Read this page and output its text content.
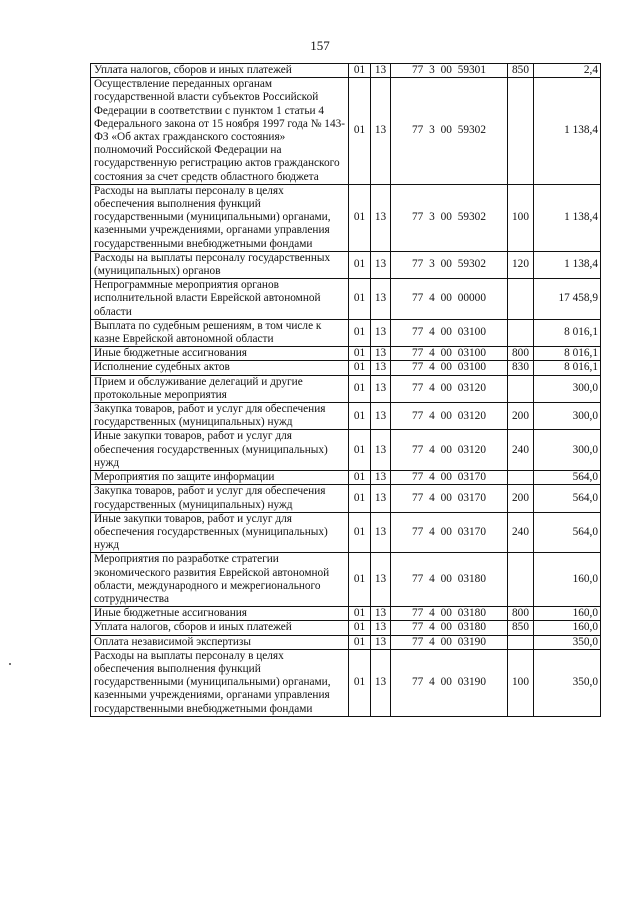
157
Уплата налогов, сборов и иных платежей	01	13	77 3 00 59301	850	2,4
Осуществление переданных органам государственной власти субъектов Российской Федерации в соответствии с пунктом 1 статьи 4 Федерального закона от 15 ноября 1997 года № 143-ФЗ «Об актах гражданского состояния» полномочий Российской Федерации на государственную регистрацию актов гражданского состояния за счет средств областного бюджета	01	13	77 3 00 59302		1 138,4
Расходы на выплаты персоналу в целях обеспечения выполнения функций государственными (муниципальными) органами, казенными учреждениями, органами управления государственными внебюджетными фондами	01	13	77 3 00 59302	100	1 138,4
Расходы на выплаты персоналу государственных (муниципальных) органов	01	13	77 3 00 59302	120	1 138,4
Непрограммные мероприятия органов исполнительной власти Еврейской автономной области	01	13	77 4 00 00000		17 458,9
Выплата по судебным решениям, в том числе к казне Еврейской автономной области	01	13	77 4 00 03100		8 016,1
Иные бюджетные ассигнования	01	13	77 4 00 03100	800	8 016,1
Исполнение судебных актов	01	13	77 4 00 03100	830	8 016,1
Прием и обслуживание делегаций и другие протокольные мероприятия	01	13	77 4 00 03120		300,0
Закупка товаров, работ и услуг для обеспечения государственных (муниципальных) нужд	01	13	77 4 00 03120	200	300,0
Иные закупки товаров, работ и услуг для обеспечения государственных (муниципальных) нужд	01	13	77 4 00 03120	240	300,0
Мероприятия по защите информации	01	13	77 4 00 03170		564,0
Закупка товаров, работ и услуг для обеспечения государственных (муниципальных) нужд	01	13	77 4 00 03170	200	564,0
Иные закупки товаров, работ и услуг для обеспечения государственных (муниципальных) нужд	01	13	77 4 00 03170	240	564,0
Мероприятия по разработке стратегии экономического развития Еврейской автономной области, международного и межрегионального сотрудничества	01	13	77 4 00 03180		160,0
Иные бюджетные ассигнования	01	13	77 4 00 03180	800	160,0
Уплата налогов, сборов и иных платежей	01	13	77 4 00 03180	850	160,0
Оплата независимой экспертизы	01	13	77 4 00 03190		350,0
Расходы на выплаты персоналу в целях обеспечения выполнения функций государственными (муниципальными) органами, казенными учреждениями, органами управления государственными внебюджетными фондами	01	13	77 4 00 03190	100	350,0
